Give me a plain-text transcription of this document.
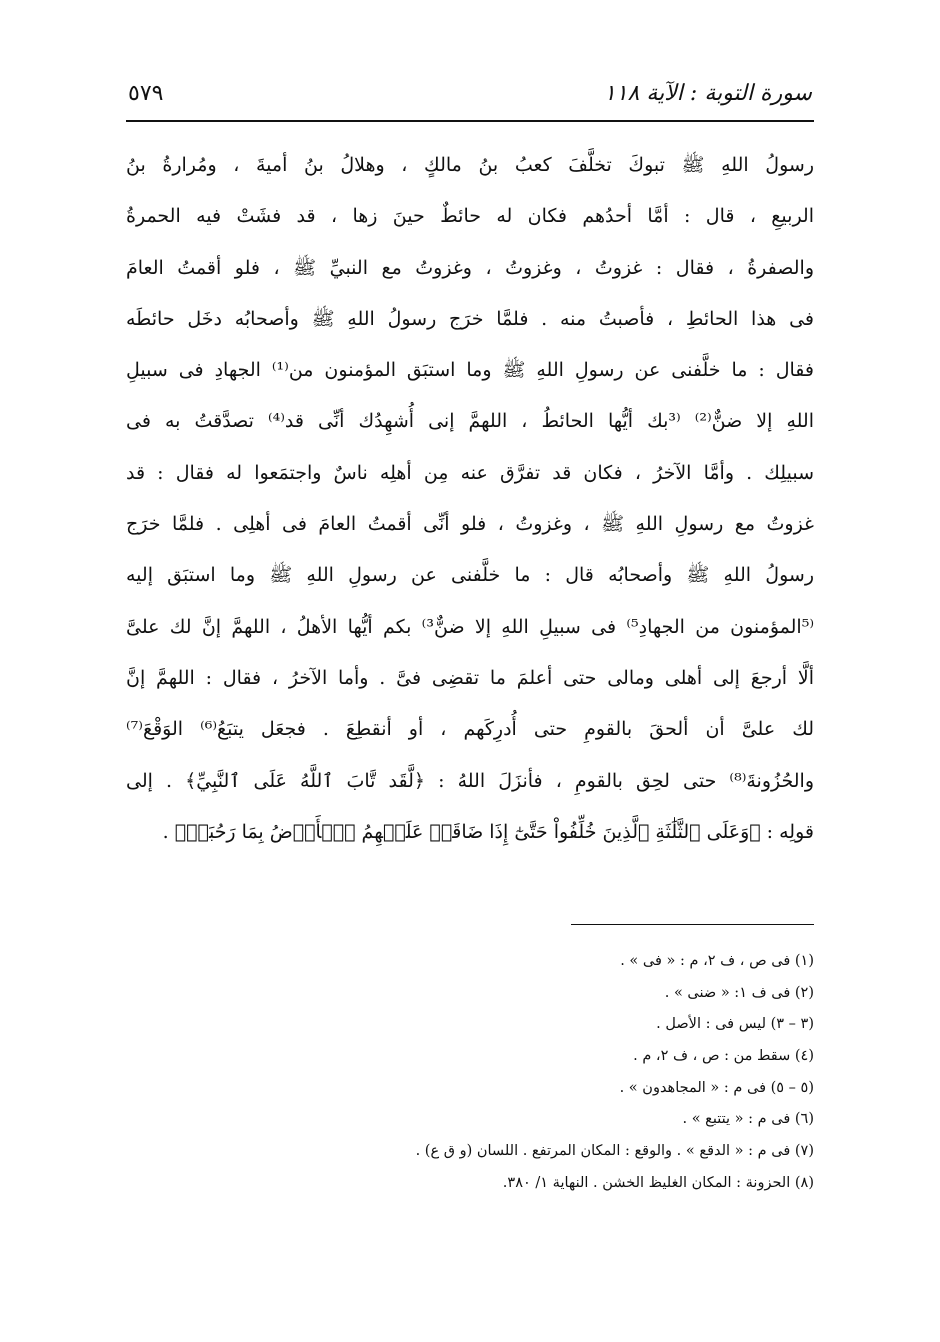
سورة التوبة : الآية ١١٨
٥٧٩
رسولُ اللهِ ﷺ تبوكَ تخلَّفَ كعبُ بنُ مالكٍ ، وهلالُ بنُ أميةَ ، ومُرارةُ بنُ
الربيعِ ، قال : أمَّا أحدُهم فكان له حائطٌ حينَ زها ، قد فشَتْ فيه الحمرةُ
والصفرةُ ، فقال : غزوتُ ، وغزوتُ ، وغزوتُ مع النبيِّ ﷺ ، فلو أقمتُ العامَ
فى هذا الحائطِ ، فأصبتُ منه . فلمَّا خرَج رسولُ اللهِ ﷺ وأصحابُه دخَل حائطَه
فقال : ما خلَّفنى عن رسولِ اللهِ ﷺ وما استبَق المؤمنون من⁽¹⁾ الجهادِ فى سبيلِ
اللهِ إلا ضنٌّ⁽²⁾ ⁽³بك أيُّها الحائطُ ، اللهمَّ إنى أُشهِدُك أنِّى قد⁽⁴⁾ تصدَّقتُ به فى
سبيلِك . وأمَّا الآخرُ ، فكان قد تفرَّق عنه مِن أهلِه ناسٌ واجتمَعوا له فقال : قد
غزوتُ مع رسولِ اللهِ ﷺ ، وغزوتُ ، فلو أنِّى أقمتُ العامَ فى أهلِى . فلمَّا خرَج
رسولُ اللهِ ﷺ وأصحابُه قال : ما خلَّفنى عن رسولِ اللهِ ﷺ وما استبَق إليه
⁽⁵المؤمنون من الجهادِ⁵⁾ فى سبيلِ اللهِ إلا ضنٌّ³⁾ بكم أيُّها الأهلُ ، اللهمَّ إنَّ لك علىَّ
ألَّا أرجعَ إلى أهلى ومالى حتى أعلمَ ما تقضِى فىَّ . وأما الآخرُ ، فقال : اللهمَّ إنَّ
لك علىَّ أن ألحقَ بالقومِ حتى أُدرِكَهم ، أو أنقطِعَ . فجعَل يتبَعُ⁽⁶⁾ الوَقْعَ⁽⁷⁾
والحُزُونةَ⁽⁸⁾ حتى لحِق بالقومِ ، فأنزَلَ اللهُ : ﴿لَّقَد تَّابَ ٱللَّهُ عَلَى ٱلنَّبِيِّ﴾ . إلى
قولِه : ﴿وَعَلَى ٱلثَّلَٰثَةِ ٱلَّذِينَ خُلِّفُواْ حَتَّىٰٓ إِذَا ضَاقَتۡ عَلَيۡهِمُ ٱلۡأَرۡضُ بِمَا رَحُبَتۡ﴾ .
(١) فى ص ، ف ٢، م : « فى » .
(٢) فى ف ١: « ضنى » .
(٣ – ٣) ليس فى : الأصل .
(٤) سقط من : ص ، ف ٢، م .
(٥ – ٥) فى م : « المجاهدون » .
(٦) فى م : « يتتبع » .
(٧) فى م : « الدقع » . والوقع : المكان المرتفع . اللسان (و ق ع) .
(٨) الحزونة : المكان الغليظ الخشن . النهاية ١/ ٣٨٠.
